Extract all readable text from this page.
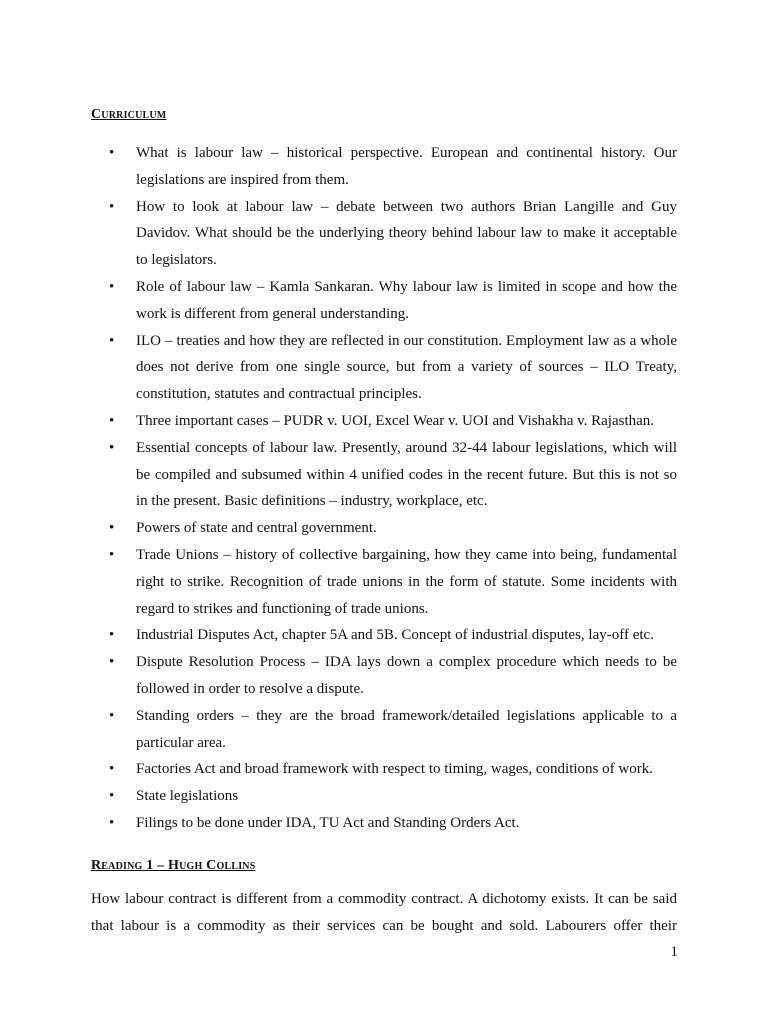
Curriculum
• What is labour law – historical perspective. European and continental history. Our legislations are inspired from them.
• How to look at labour law – debate between two authors Brian Langille and Guy Davidov. What should be the underlying theory behind labour law to make it acceptable to legislators.
• Role of labour law – Kamla Sankaran. Why labour law is limited in scope and how the work is different from general understanding.
• ILO – treaties and how they are reflected in our constitution. Employment law as a whole does not derive from one single source, but from a variety of sources – ILO Treaty, constitution, statutes and contractual principles.
• Three important cases – PUDR v. UOI, Excel Wear v. UOI and Vishakha v. Rajasthan.
• Essential concepts of labour law. Presently, around 32-44 labour legislations, which will be compiled and subsumed within 4 unified codes in the recent future. But this is not so in the present. Basic definitions – industry, workplace, etc.
• Powers of state and central government.
• Trade Unions – history of collective bargaining, how they came into being, fundamental right to strike. Recognition of trade unions in the form of statute. Some incidents with regard to strikes and functioning of trade unions.
• Industrial Disputes Act, chapter 5A and 5B. Concept of industrial disputes, lay-off etc.
• Dispute Resolution Process – IDA lays down a complex procedure which needs to be followed in order to resolve a dispute.
• Standing orders – they are the broad framework/detailed legislations applicable to a particular area.
• Factories Act and broad framework with respect to timing, wages, conditions of work.
• State legislations
• Filings to be done under IDA, TU Act and Standing Orders Act.
Reading 1 – Hugh Collins

How labour contract is different from a commodity contract. A dichotomy exists. It can be said that labour is a commodity as their services can be bought and sold. Labourers offer their

1
